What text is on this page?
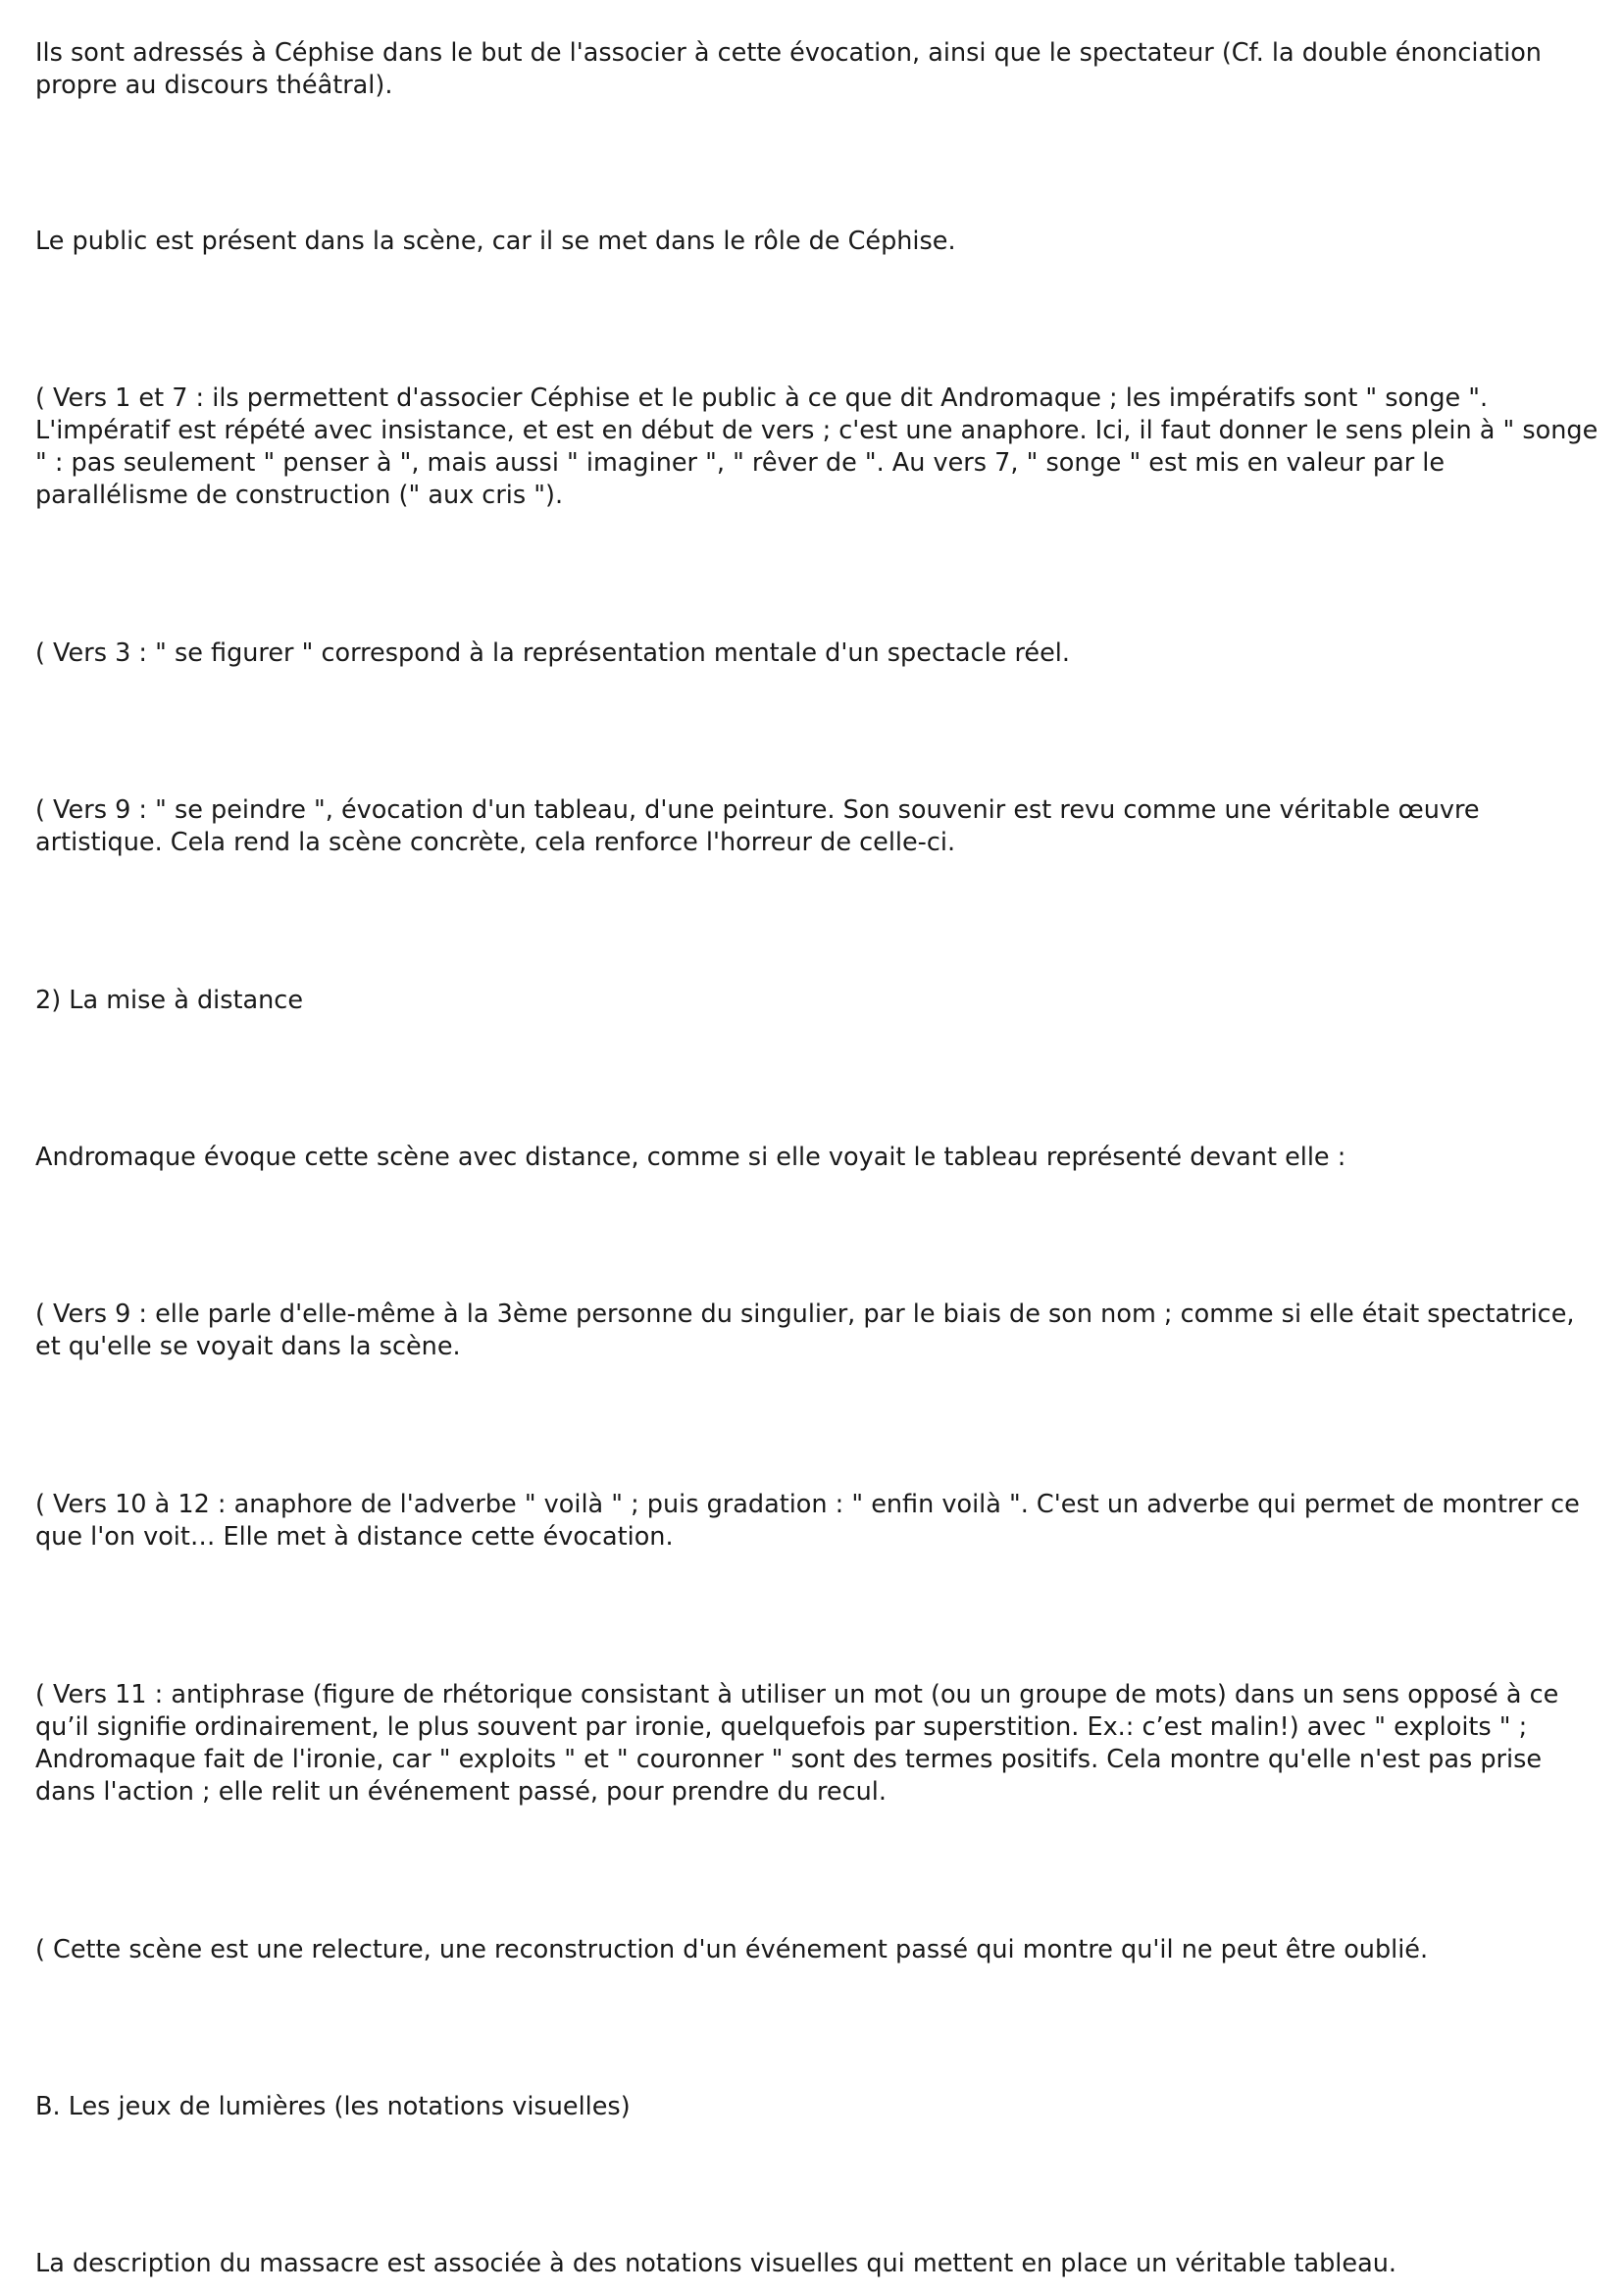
Ils sont adressés à Céphise dans le but de l'associer à cette évocation, ainsi que le spectateur (Cf. la double énonciation propre au discours théâtral).

Le public est présent dans la scène, car il se met dans le rôle de Céphise.

( Vers 1 et 7 : ils permettent d'associer Céphise et le public à ce que dit Andromaque ; les impératifs sont " songe ". L'impératif est répété avec insistance, et est en début de vers ; c'est une anaphore. Ici, il faut donner le sens plein à " songe " : pas seulement " penser à ", mais aussi " imaginer ", " rêver de ". Au vers 7, " songe " est mis en valeur par le parallélisme de construction (" aux cris ").

( Vers 3 : " se figurer " correspond à la représentation mentale d'un spectacle réel.

( Vers 9 : " se peindre ", évocation d'un tableau, d'une peinture. Son souvenir est revu comme une véritable œuvre artistique. Cela rend la scène concrète, cela renforce l'horreur de celle-ci.

2) La mise à distance

Andromaque évoque cette scène avec distance, comme si elle voyait le tableau représenté devant elle :

( Vers 9 : elle parle d'elle-même à la 3ème personne du singulier, par le biais de son nom ; comme si elle était spectatrice, et qu'elle se voyait dans la scène.

( Vers 10 à 12 : anaphore de l'adverbe " voilà " ; puis gradation : " enfin voilà ". C'est un adverbe qui permet de montrer ce que l'on voit… Elle met à distance cette évocation.

( Vers 11 : antiphrase (figure de rhétorique consistant à utiliser un mot (ou un groupe de mots) dans un sens opposé à ce qu’il signifie ordinairement, le plus souvent par ironie, quelquefois par superstition. Ex.: c’est malin!) avec " exploits " ; Andromaque fait de l'ironie, car " exploits " et " couronner " sont des termes positifs. Cela montre qu'elle n'est pas prise dans l'action ; elle relit un événement passé, pour prendre du recul.

( Cette scène est une relecture, une reconstruction d'un événement passé qui montre qu'il ne peut être oublié.

B. Les jeux de lumières (les notations visuelles)

La description du massacre est associée à des notations visuelles qui mettent en place un véritable tableau.
